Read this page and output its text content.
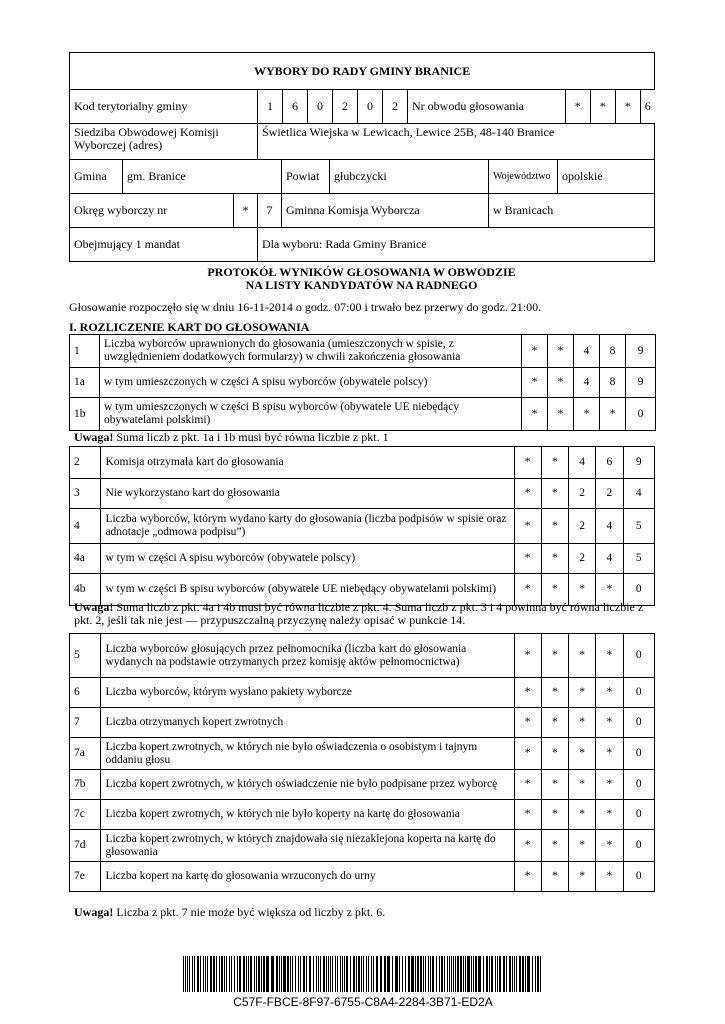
WYBORY DO RADY GMINY BRANICE
Kod terytorialny gminy		1	6	0	2	0	2	Nr obwodu głosowania	*	*	*	6

Siedziba Obwodowej Komisji Wyborczej (adres)	Świetlica Wiejska w Lewicach, Lewice 25B, 48-140 Branice
Gmina	gm. Branice	Powiat	głubczycki	Województwo	opolskie
Okręg wyborczy nr	*	7	Gminna Komisja Wyborcza	w Branicach
Obejmujący 1 mandat	Dla wyboru: Rada Gminy Branice
PROTOKÓŁ WYNIKÓW GŁOSOWANIA W OBWODZIE
NA LISTY KANDYDATÓW NA RADNEGO
Głosowanie rozpoczęło się w dniu 16-11-2014 o godz. 07:00 i trwało bez przerwy do godz. 21:00.
I. ROZLICZENIE KART DO GŁOSOWANIA
1	Liczba wyborców uprawnionych do głosowania (umieszczonych w spisie, z uwzględnieniem dodatkowych formularzy) w chwili zakończenia głosowania	*	*	4	8	9
1a	w tym umieszczonych w części A spisu wyborców (obywatele polscy)	*	*	4	8	9
1b	w tym umieszczonych w części B spisu wyborców (obywatele UE niebędący obywatelami polskimi)	*	*	*	*	0
Uwaga! Suma liczb z pkt. 1a i 1b musi być równa liczbie z pkt. 1
2	Komisja otrzymała kart do głosowania	*	*	4	6	9
3	Nie wykorzystano kart do głosowania	*	*	2	2	4
4	Liczba wyborców, którym wydano karty do głosowania (liczba podpisów w spisie oraz adnotacje „odmowa podpisu”)	*	*	2	4	5
4a	w tym w części A spisu wyborców (obywatele polscy)	*	*	2	4	5
4b	w tym w części B spisu wyborców (obywatele UE niebędący obywatelami polskimi)	*	*	*	*	0
Uwaga! Suma liczb z pkt. 4a i 4b musi być równa liczbie z pkt. 4. Suma liczb z pkt. 3 i 4 powinna być równa liczbie z pkt. 2, jeśli tak nie jest — przypuszczalną przyczynę należy opisać w punkcie 14.
5	Liczba wyborców głosujących przez pełnomocnika (liczba kart do głosowania wydanych na podstawie otrzymanych przez komisję aktów pełnomocnictwa)	*	*	*	*	0
6	Liczba wyborców, którym wysłano pakiety wyborcze	*	*	*	*	0
7	Liczba otrzymanych kopert zwrotnych	*	*	*	*	0
7a	Liczba kopert zwrotnych, w których nie było oświadczenia o osobistym i tajnym oddaniu głosu	*	*	*	*	0
7b	Liczba kopert zwrotnych, w których oświadczenie nie było podpisane przez wyborcę	*	*	*	*	0
7c	Liczba kopert zwrotnych, w których nie było koperty na kartę do głosowania	*	*	*	*	0
7d	Liczba kopert zwrotnych, w których znajdowała się niezaklejona koperta na kartę do głosowania	*	*	*	*	0
7e	Liczba kopert na kartę do głosowania wrzuconych do urny	*	*	*	*	0
Uwaga! Liczba z pkt. 7 nie może być większa od liczby z pkt. 6.
C57F-FBCE-8F97-6755-C8A4-2284-3B71-ED2A
